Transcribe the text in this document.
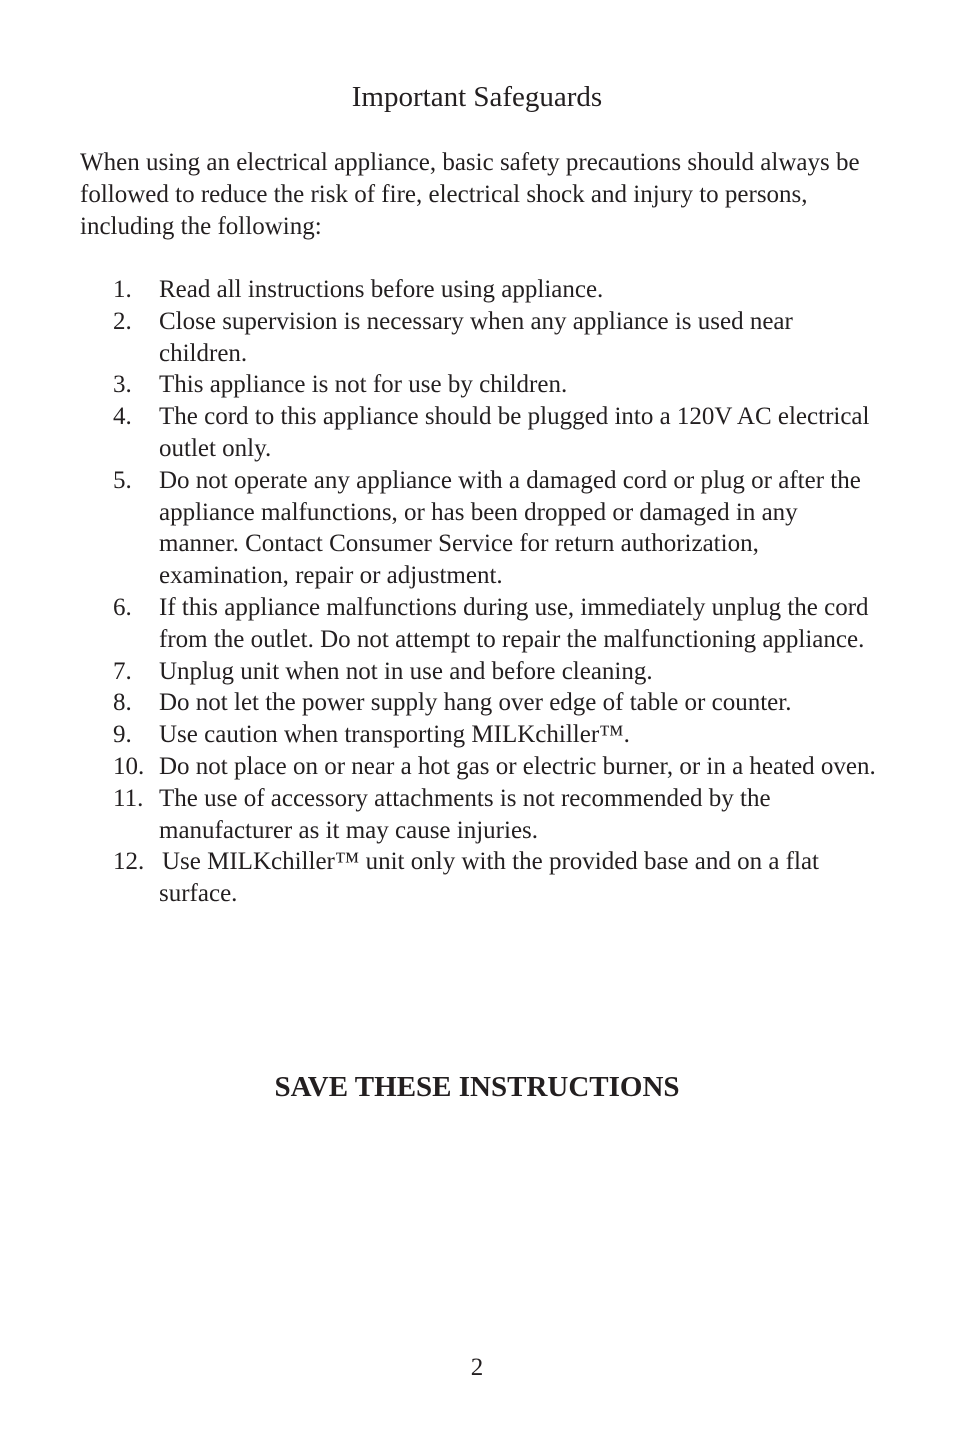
Important Safeguards

When using an electrical appliance, basic safety precautions should always be followed to reduce the risk of fire, electrical shock and injury to persons, including the following:

1. Read all instructions before using appliance.
2. Close supervision is necessary when any appliance is used near children.
3. This appliance is not for use by children.
4. The cord to this appliance should be plugged into a 120V AC electrical outlet only.
5. Do not operate any appliance with a damaged cord or plug or after the appliance malfunctions, or has been dropped or damaged in any manner. Contact Consumer Service for return authorization, examination, repair or adjustment.
6. If this appliance malfunctions during use, immediately unplug the cord from the outlet. Do not attempt to repair the malfunctioning appliance.
7. Unplug unit when not in use and before cleaning.
8. Do not let the power supply hang over edge of table or counter.
9. Use caution when transporting MILKchiller™.
10. Do not place on or near a hot gas or electric burner, or in a heated oven.
11. The use of accessory attachments is not recommended by the manufacturer as it may cause injuries.
12. Use MILKchiller™ unit only with the provided base and on a flat surface.
SAVE THESE INSTRUCTIONS
2
